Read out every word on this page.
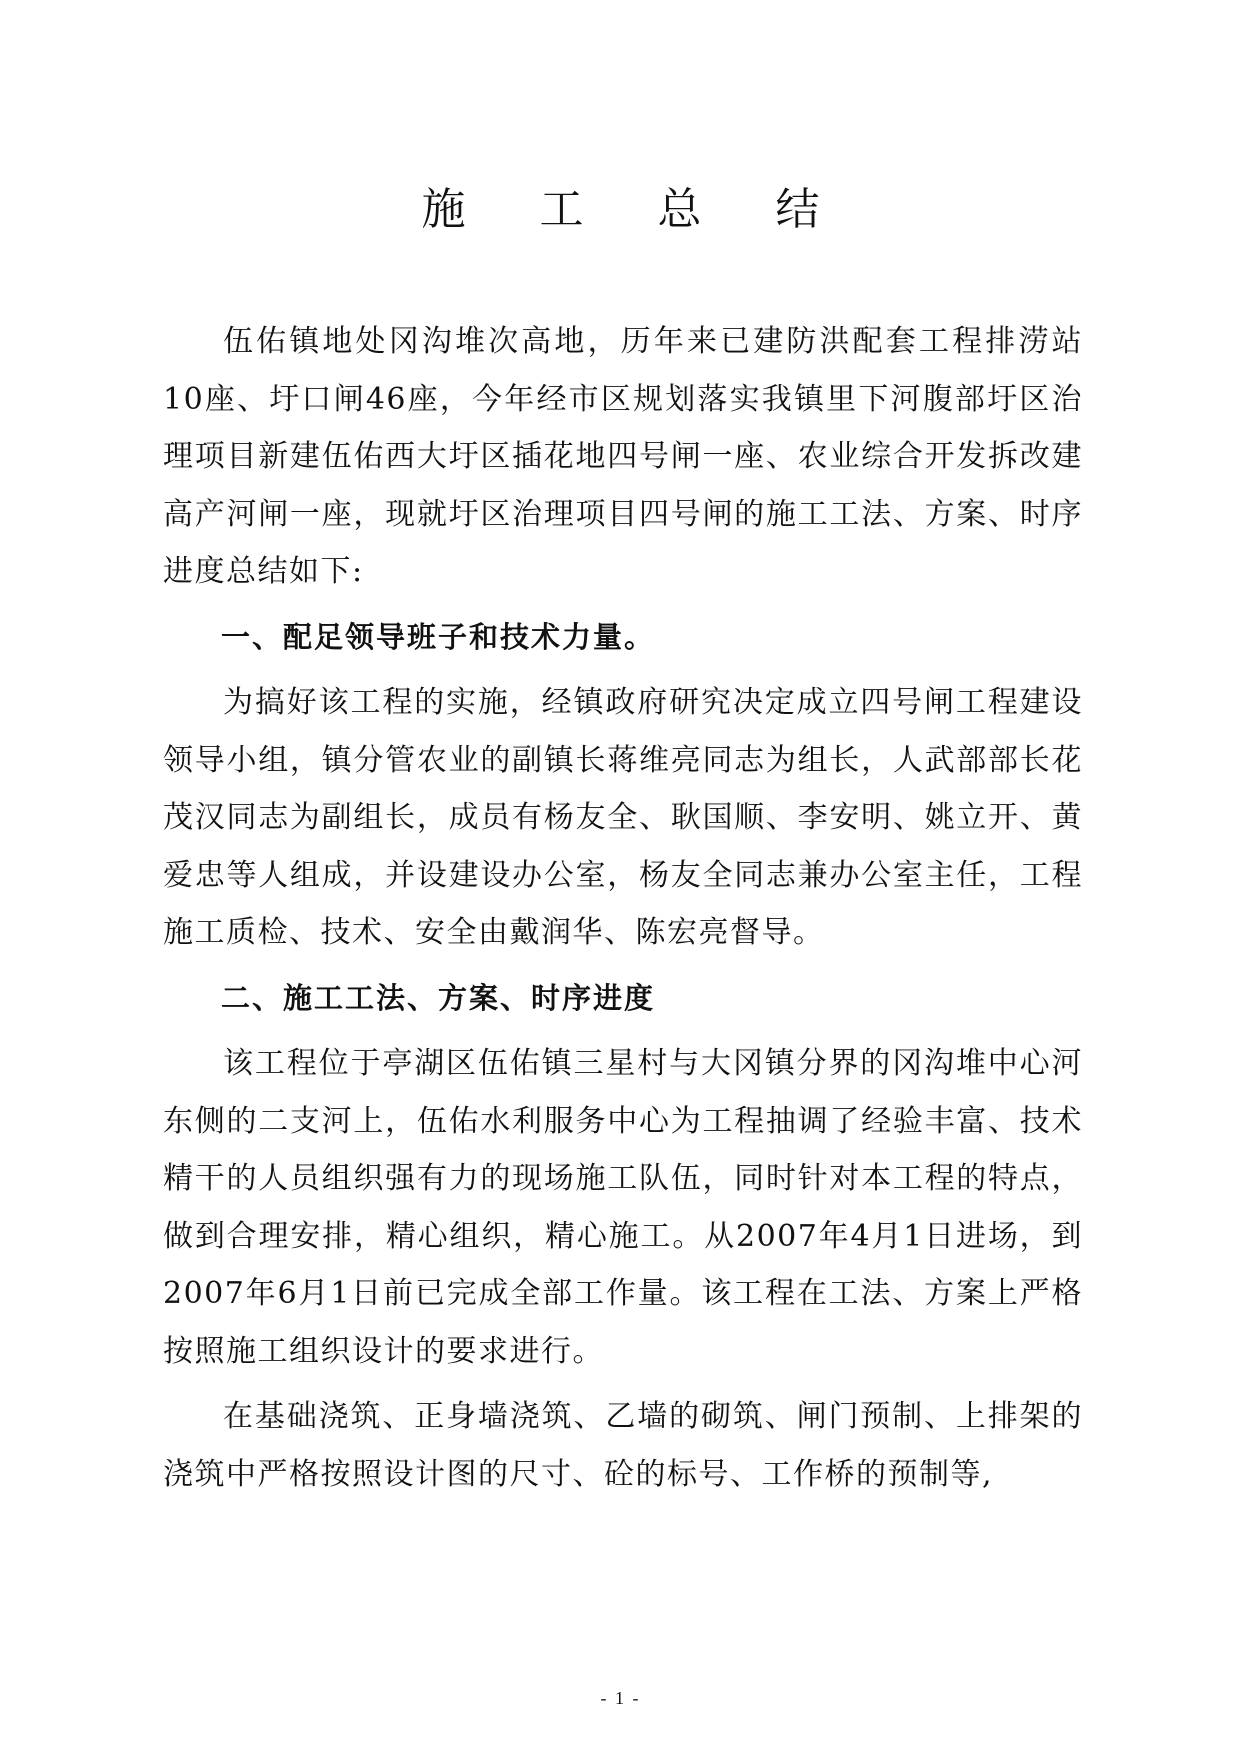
施 工 总 结

伍佑镇地处冈沟堆次高地，历年来已建防洪配套工程排涝站10座、圩口闸46座，今年经市区规划落实我镇里下河腹部圩区治理项目新建伍佑西大圩区插花地四号闸一座、农业综合开发拆改建高产河闸一座，现就圩区治理项目四号闸的施工工法、方案、时序进度总结如下:

一、配足领导班子和技术力量。

为搞好该工程的实施，经镇政府研究决定成立四号闸工程建设领导小组，镇分管农业的副镇长蒋维亮同志为组长，人武部部长花茂汉同志为副组长，成员有杨友全、耿国顺、李安明、姚立开、黄爱忠等人组成，并设建设办公室，杨友全同志兼办公室主任，工程施工质检、技术、安全由戴润华、陈宏亮督导。

二、施工工法、方案、时序进度

该工程位于亭湖区伍佑镇三星村与大冈镇分界的冈沟堆中心河东侧的二支河上，伍佑水利服务中心为工程抽调了经验丰富、技术精干的人员组织强有力的现场施工队伍，同时针对本工程的特点，做到合理安排，精心组织，精心施工。从2007年4月1日进场，到2007年6月1日前已完成全部工作量。该工程在工法、方案上严格按照施工组织设计的要求进行。

在基础浇筑、正身墙浇筑、乙墙的砌筑、闸门预制、上排架的浇筑中严格按照设计图的尺寸、砼的标号、工作桥的预制等,

- 1 -
